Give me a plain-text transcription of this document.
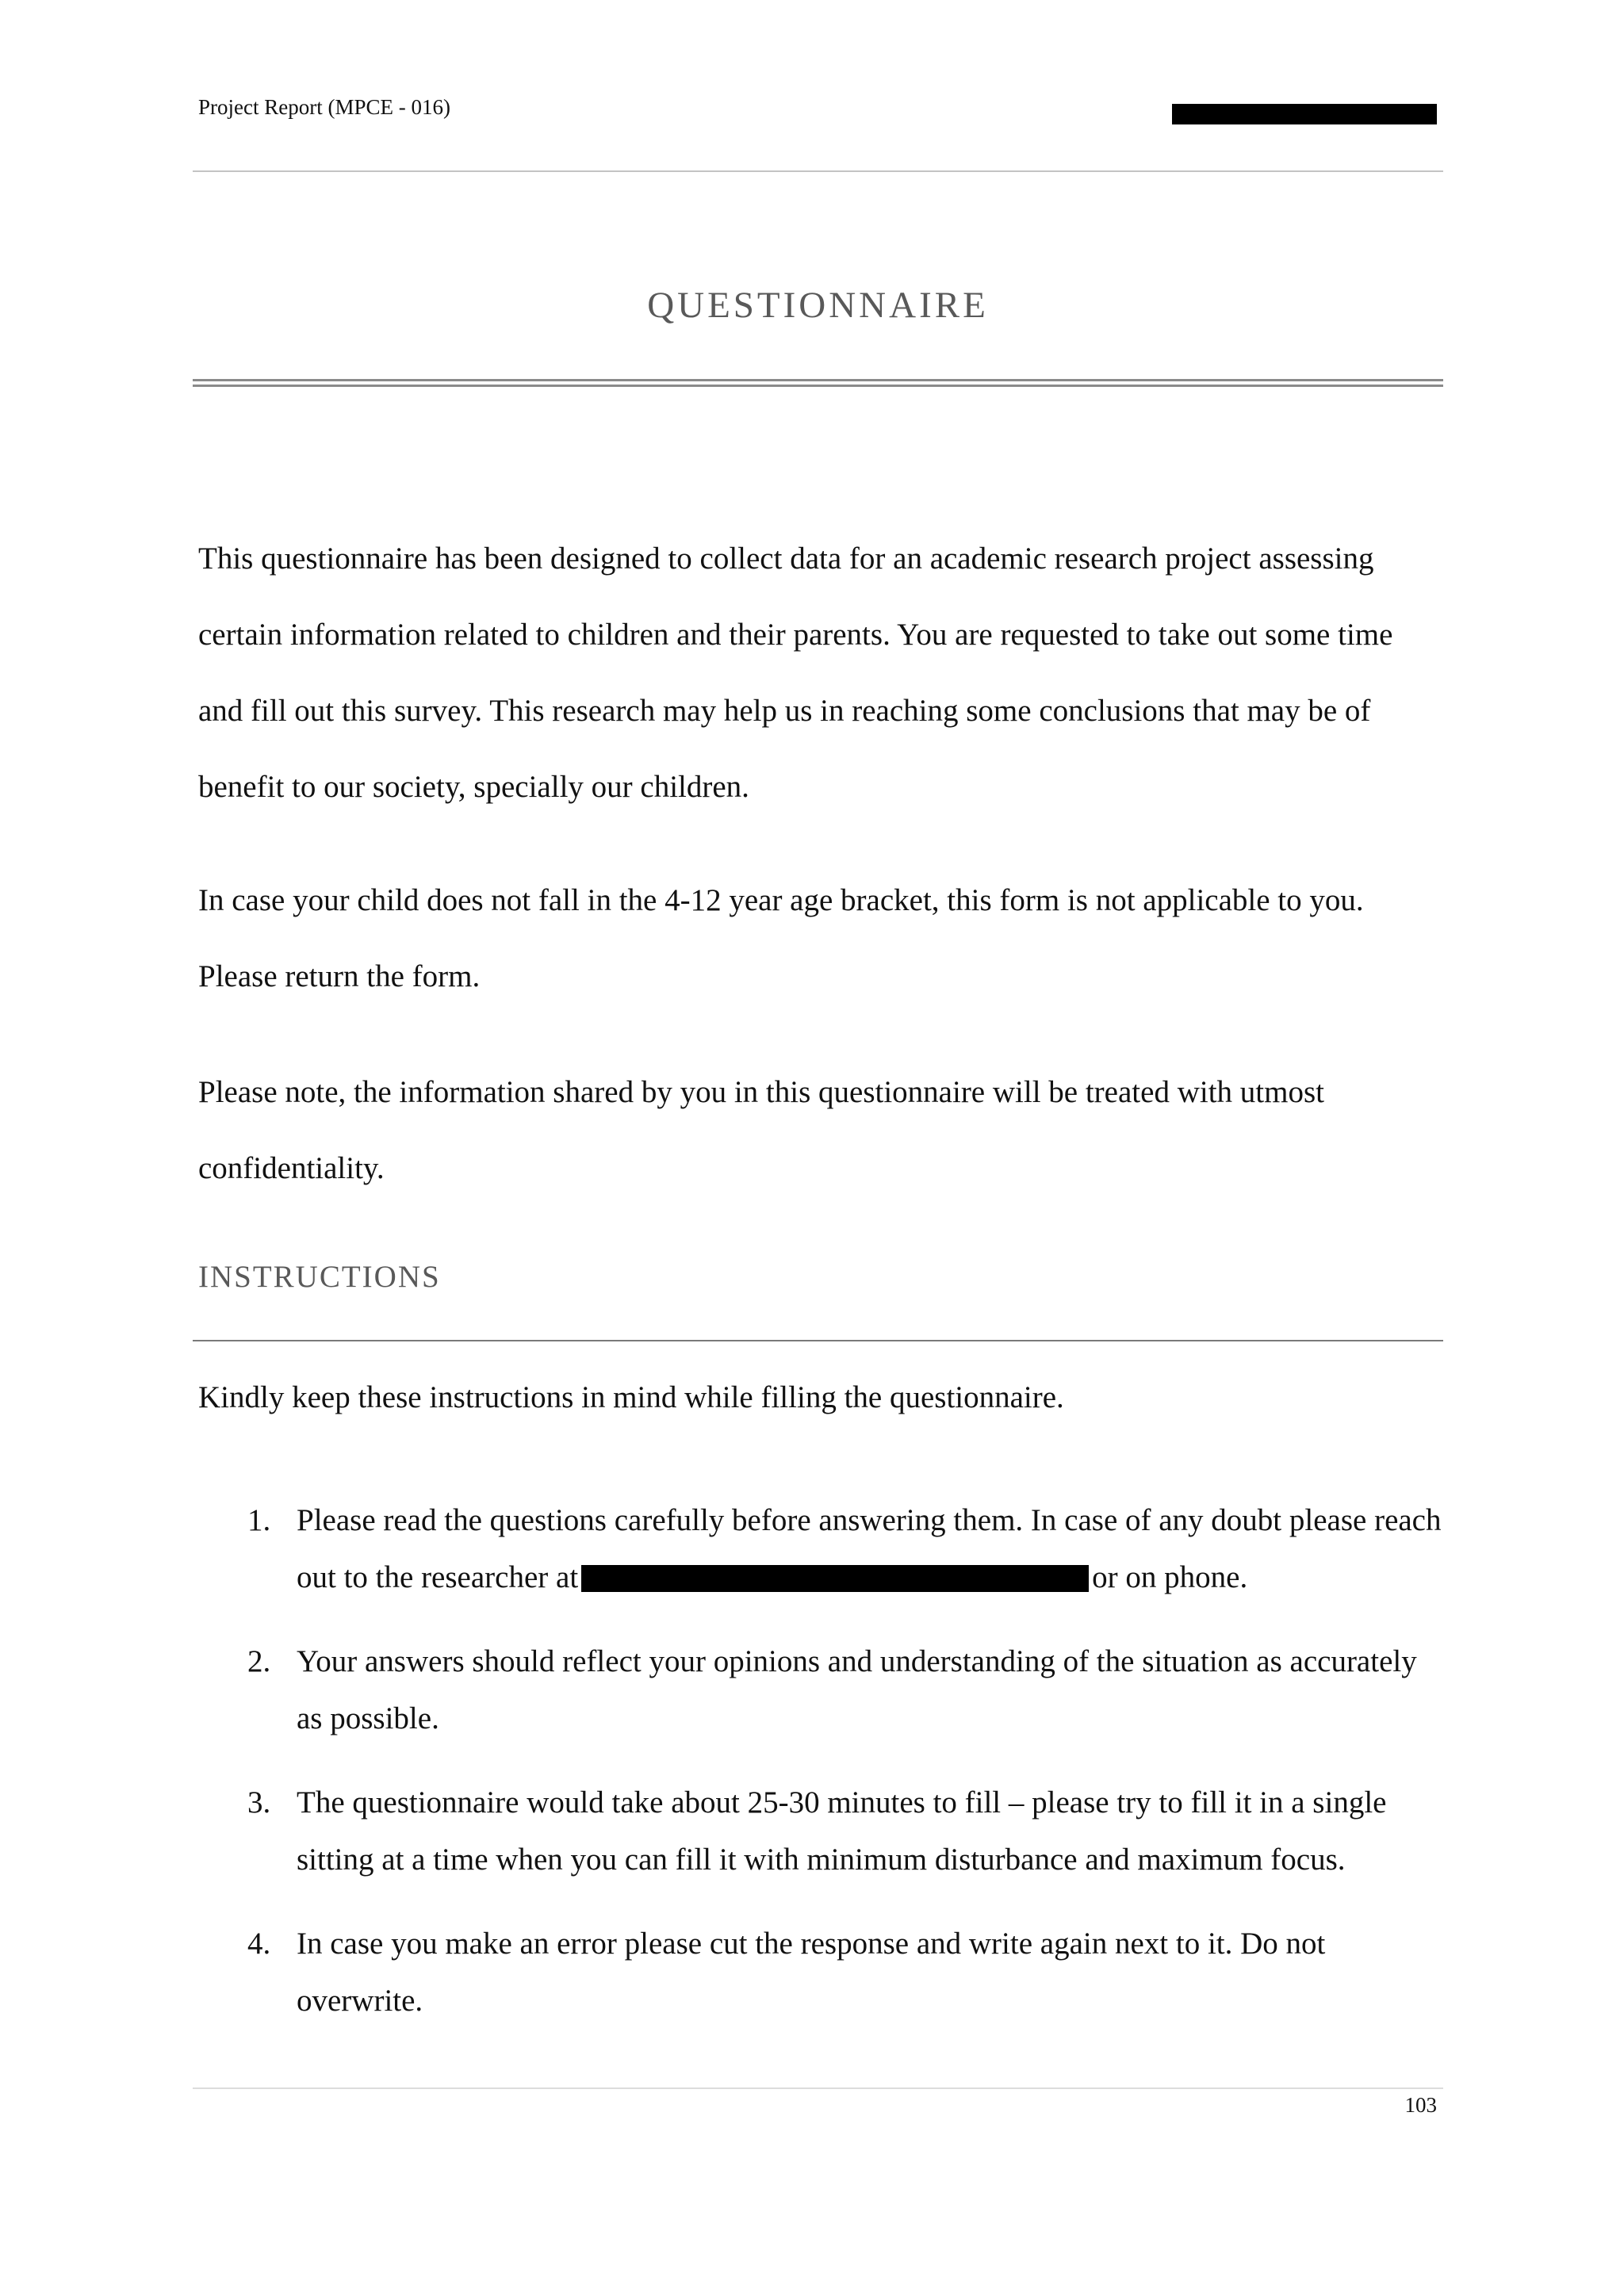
Project Report (MPCE - 016)
QUESTIONNAIRE
This questionnaire has been designed to collect data for an academic research project assessing certain information related to children and their parents. You are requested to take out some time and fill out this survey. This research may help us in reaching some conclusions that may be of benefit to our society, specially our children.
In case your child does not fall in the 4-12 year age bracket, this form is not applicable to you. Please return the form.
Please note, the information shared by you in this questionnaire will be treated with utmost confidentiality.
INSTRUCTIONS
Kindly keep these instructions in mind while filling the questionnaire.
1. Please read the questions carefully before answering them. In case of any doubt please reach out to the researcher at	or on phone.
2. Your answers should reflect your opinions and understanding of the situation as accurately as possible.
3. The questionnaire would take about 25-30 minutes to fill – please try to fill it in a single sitting at a time when you can fill it with minimum disturbance and maximum focus.
4. In case you make an error please cut the response and write again next to it. Do not overwrite.
103
